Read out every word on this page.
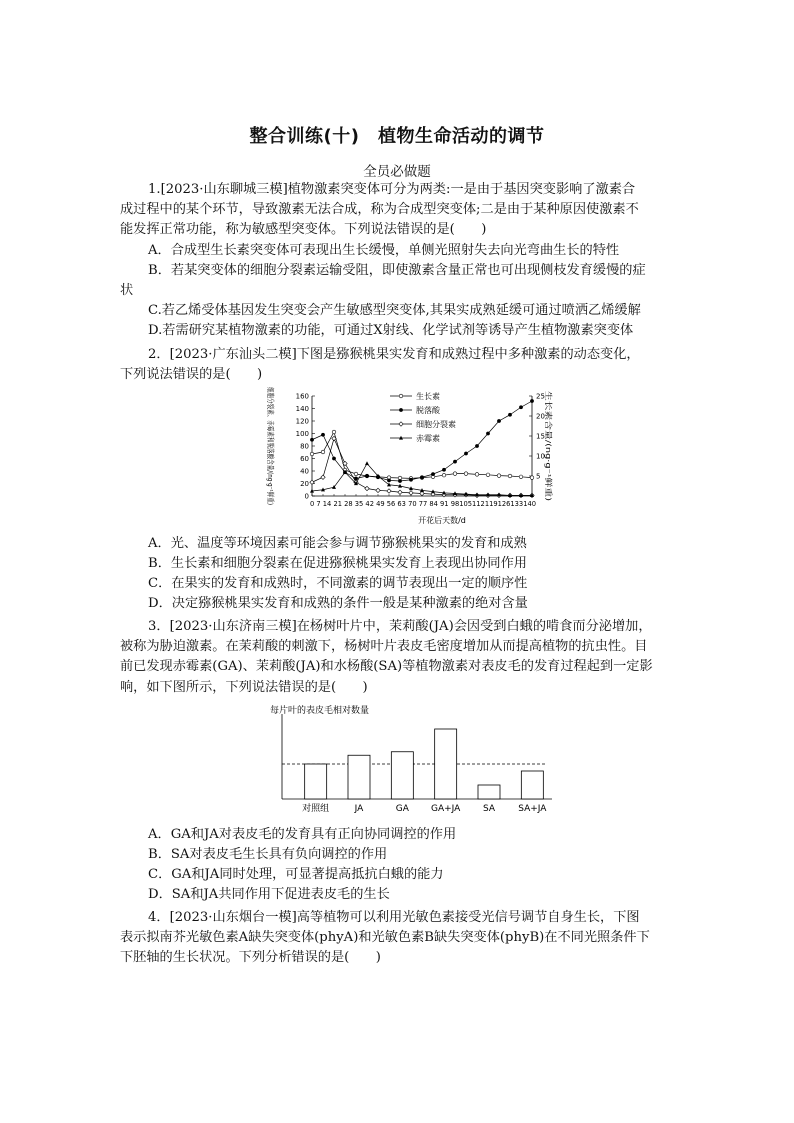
整合训练(十)　植物生命活动的调节
全员必做题
1.[2023·山东聊城三模]植物激素突变体可分为两类:一是由于基因突变影响了激素合
成过程中的某个环节，导致激素无法合成，称为合成型突变体;二是由于某种原因使激素不
能发挥正常功能，称为敏感型突变体。下列说法错误的是(　　)
A．合成型生长素突变体可表现出生长缓慢，单侧光照射失去向光弯曲生长的特性
B．若某突变体的细胞分裂素运输受阻，即使激素含量正常也可出现侧枝发育缓慢的症
状
C.若乙烯受体基因发生突变会产生敏感型突变体,其果实成熟延缓可通过喷洒乙烯缓解
D.若需研究某植物激素的功能，可通过X射线、化学试剂等诱导产生植物激素突变体
2．[2023·广东汕头二模]下图是猕猴桃果实发育和成熟过程中多种激素的动态变化，
下列说法错误的是(　　)
0
20
40
60
80
100
120
140
160
5
10
15
20
25
0 7 14 21 28 35 42 49 56 63 70 77 84 91 98105112119126133140
开花后天数/d
细胞分裂素、赤霉素和脱落酸含量/(ng·g⁻¹鲜重)	生长素含量/(ng·g⁻¹鲜重)
生长素
脱落酸
细胞分裂素
赤霉素
A．光、温度等环境因素可能会参与调节猕猴桃果实的发育和成熟
B．生长素和细胞分裂素在促进猕猴桃果实发育上表现出协同作用
C．在果实的发育和成熟时，不同激素的调节表现出一定的顺序性
D．决定猕猴桃果实发育和成熟的条件一般是某种激素的绝对含量
3．[2023·山东济南三模]在杨树叶片中，茉莉酸(JA)会因受到白蛾的啃食而分泌增加，
被称为胁迫激素。在茉莉酸的刺激下，杨树叶片表皮毛密度增加从而提高植物的抗虫性。目
前已发现赤霉素(GA)、茉莉酸(JA)和水杨酸(SA)等植物激素对表皮毛的发育过程起到一定影
响，如下图所示，下列说法错误的是(　　)
每片叶的表皮毛相对数量
对照组	JA	GA GA+JA	SA	SA+JA
A．GA和JA对表皮毛的发育具有正向协同调控的作用
B．SA对表皮毛生长具有负向调控的作用
C．GA和JA同时处理，可显著提高抵抗白蛾的能力
D．SA和JA共同作用下促进表皮毛的生长
4．[2023·山东烟台一模]高等植物可以利用光敏色素接受光信号调节自身生长，下图
表示拟南芥光敏色素A缺失突变体(phyA)和光敏色素B缺失突变体(phyB)在不同光照条件下
下胚轴的生长状况。下列分析错误的是(　　)
